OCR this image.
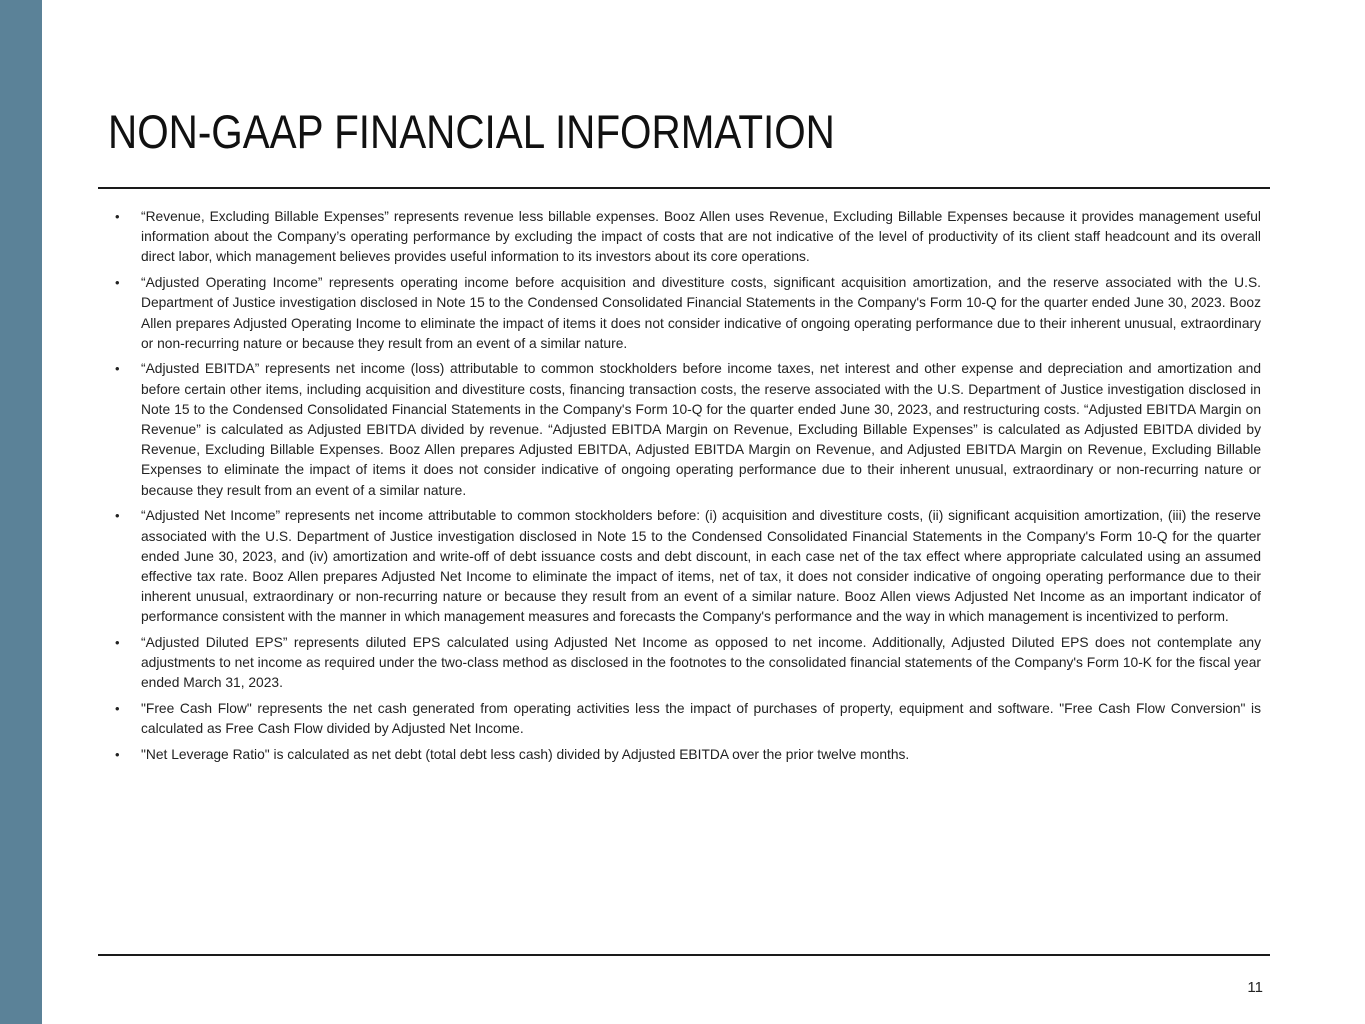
NON-GAAP FINANCIAL INFORMATION
• “Revenue, Excluding Billable Expenses” represents revenue less billable expenses. Booz Allen uses Revenue, Excluding Billable Expenses because it provides management useful information about the Company’s operating performance by excluding the impact of costs that are not indicative of the level of productivity of its client staff headcount and its overall direct labor, which management believes provides useful information to its investors about its core operations.
• “Adjusted Operating Income” represents operating income before acquisition and divestiture costs, significant acquisition amortization, and the reserve associated with the U.S. Department of Justice investigation disclosed in Note 15 to the Condensed Consolidated Financial Statements in the Company's Form 10-Q for the quarter ended June 30, 2023. Booz Allen prepares Adjusted Operating Income to eliminate the impact of items it does not consider indicative of ongoing operating performance due to their inherent unusual, extraordinary or non-recurring nature or because they result from an event of a similar nature.
• “Adjusted EBITDA” represents net income (loss) attributable to common stockholders before income taxes, net interest and other expense and depreciation and amortization and before certain other items, including acquisition and divestiture costs, financing transaction costs, the reserve associated with the U.S. Department of Justice investigation disclosed in Note 15 to the Condensed Consolidated Financial Statements in the Company's Form 10-Q for the quarter ended June 30, 2023, and restructuring costs. “Adjusted EBITDA Margin on Revenue” is calculated as Adjusted EBITDA divided by revenue. “Adjusted EBITDA Margin on Revenue, Excluding Billable Expenses” is calculated as Adjusted EBITDA divided by Revenue, Excluding Billable Expenses. Booz Allen prepares Adjusted EBITDA, Adjusted EBITDA Margin on Revenue, and Adjusted EBITDA Margin on Revenue, Excluding Billable Expenses to eliminate the impact of items it does not consider indicative of ongoing operating performance due to their inherent unusual, extraordinary or non-recurring nature or because they result from an event of a similar nature.
• “Adjusted Net Income” represents net income attributable to common stockholders before: (i) acquisition and divestiture costs, (ii) significant acquisition amortization, (iii) the reserve associated with the U.S. Department of Justice investigation disclosed in Note 15 to the Condensed Consolidated Financial Statements in the Company's Form 10-Q for the quarter ended June 30, 2023, and (iv) amortization and write-off of debt issuance costs and debt discount, in each case net of the tax effect where appropriate calculated using an assumed effective tax rate. Booz Allen prepares Adjusted Net Income to eliminate the impact of items, net of tax, it does not consider indicative of ongoing operating performance due to their inherent unusual, extraordinary or non-recurring nature or because they result from an event of a similar nature. Booz Allen views Adjusted Net Income as an important indicator of performance consistent with the manner in which management measures and forecasts the Company's performance and the way in which management is incentivized to perform.
• “Adjusted Diluted EPS” represents diluted EPS calculated using Adjusted Net Income as opposed to net income. Additionally, Adjusted Diluted EPS does not contemplate any adjustments to net income as required under the two-class method as disclosed in the footnotes to the consolidated financial statements of the Company's Form 10-K for the fiscal year ended March 31, 2023.
• "Free Cash Flow" represents the net cash generated from operating activities less the impact of purchases of property, equipment and software. "Free Cash Flow Conversion" is calculated as Free Cash Flow divided by Adjusted Net Income.
• "Net Leverage Ratio" is calculated as net debt (total debt less cash) divided by Adjusted EBITDA over the prior twelve months.
11
